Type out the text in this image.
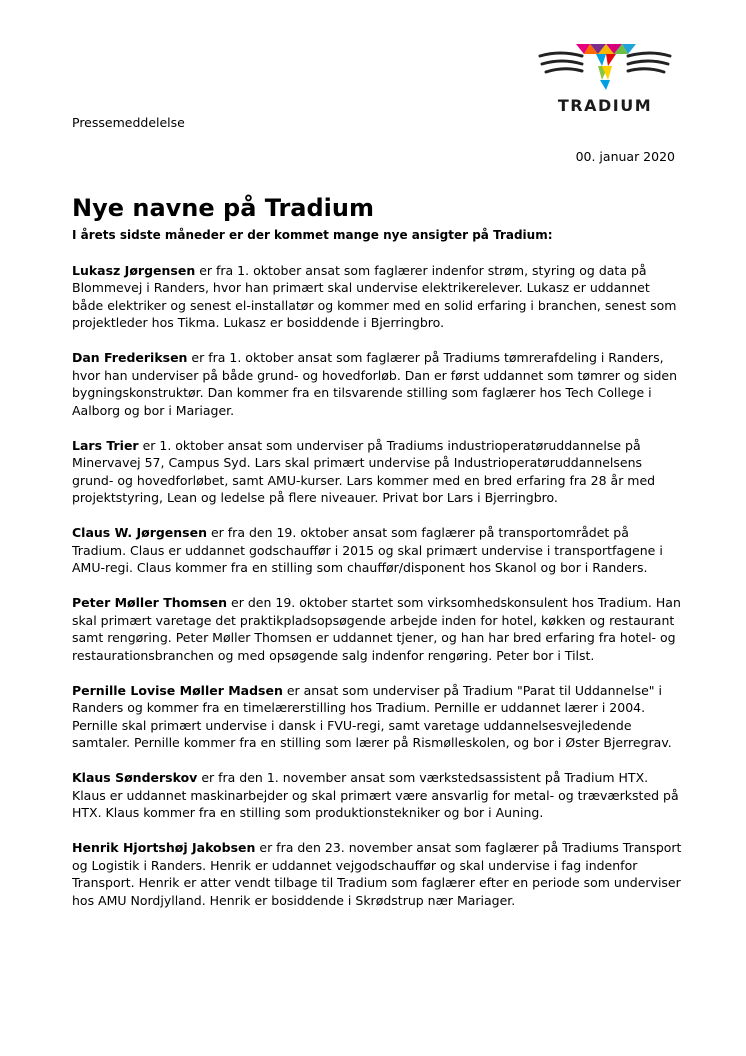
TRADIUM
Pressemeddelelse
00. januar 2020
Nye navne på Tradium

I årets sidste måneder er der kommet mange nye ansigter på Tradium:

Lukasz Jørgensen er fra 1. oktober ansat som faglærer indenfor strøm, styring og data på Blommevej i Randers, hvor han primært skal undervise elektrikerelever. Lukasz er uddannet både elektriker og senest el-installatør og kommer med en solid erfaring i branchen, senest som projektleder hos Tikma. Lukasz er bosiddende i Bjerringbro.

Dan Frederiksen er fra 1. oktober ansat som faglærer på Tradiums tømrerafdeling i Randers, hvor han underviser på både grund- og hovedforløb. Dan er først uddannet som tømrer og siden bygningskonstruktør. Dan kommer fra en tilsvarende stilling som faglærer hos Tech College i Aalborg og bor i Mariager.

Lars Trier er 1. oktober ansat som underviser på Tradiums industrioperatøruddannelse på Minervavej 57, Campus Syd. Lars skal primært undervise på Industrioperatøruddannelsens grund- og hovedforløbet, samt AMU-kurser. Lars kommer med en bred erfaring fra 28 år med projektstyring, Lean og ledelse på flere niveauer. Privat bor Lars i Bjerringbro.

Claus W. Jørgensen er fra den 19. oktober ansat som faglærer på transportområdet på Tradium. Claus er uddannet godschauffør i 2015 og skal primært undervise i transportfagene i AMU-regi. Claus kommer fra en stilling som chauffør/disponent hos Skanol og bor i Randers.

Peter Møller Thomsen er den 19. oktober startet som virksomhedskonsulent hos Tradium. Han skal primært varetage det praktikpladsopsøgende arbejde inden for hotel, køkken og restaurant samt rengøring. Peter Møller Thomsen er uddannet tjener, og han har bred erfaring fra hotel- og restaurationsbranchen og med opsøgende salg indenfor rengøring. Peter bor i Tilst.

Pernille Lovise Møller Madsen er ansat som underviser på Tradium "Parat til Uddannelse" i Randers og kommer fra en timelærerstilling hos Tradium. Pernille er uddannet lærer i 2004. Pernille skal primært undervise i dansk i FVU-regi, samt varetage uddannelsesvejledende samtaler. Pernille kommer fra en stilling som lærer på Rismølleskolen, og bor i Øster Bjerregrav.

Klaus Sønderskov er fra den 1. november ansat som værkstedsassistent på Tradium HTX. Klaus er uddannet maskinarbejder og skal primært være ansvarlig for metal- og træværksted på HTX. Klaus kommer fra en stilling som produktionstekniker og bor i Auning.

Henrik Hjortshøj Jakobsen er fra den 23. november ansat som faglærer på Tradiums Transport og Logistik i Randers. Henrik er uddannet vejgodschauffør og skal undervise i fag indenfor Transport. Henrik er atter vendt tilbage til Tradium som faglærer efter en periode som underviser hos AMU Nordjylland. Henrik er bosiddende i Skrødstrup nær Mariager.
